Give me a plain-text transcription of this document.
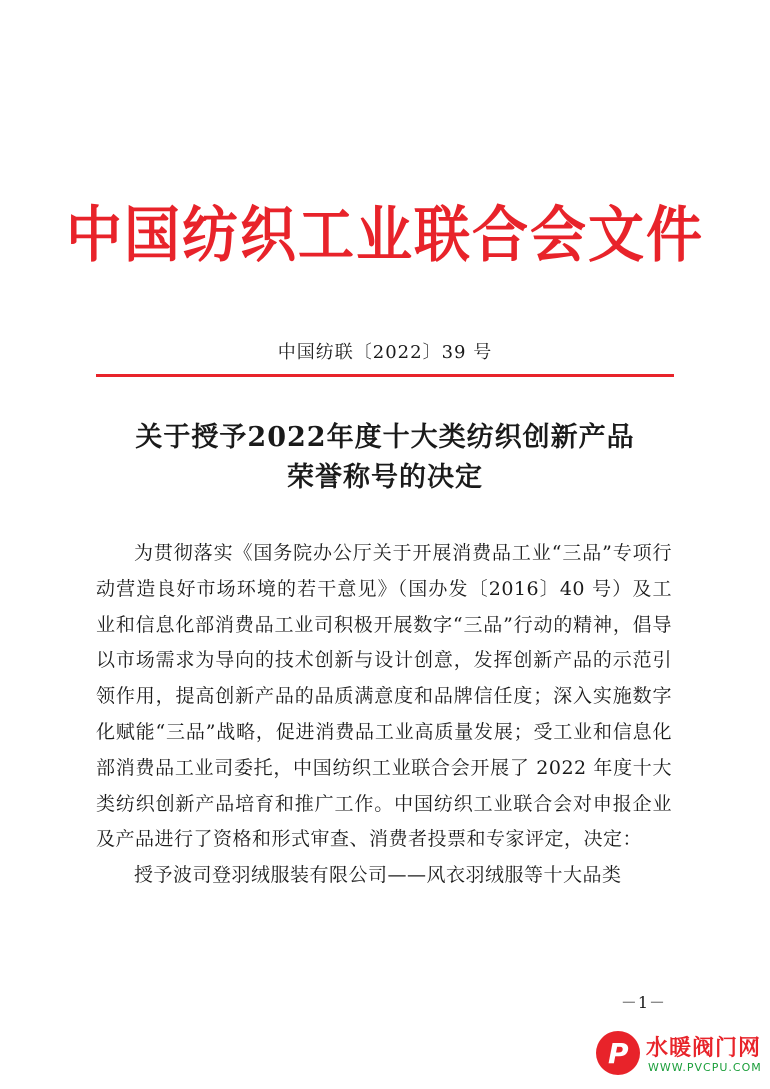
中国纺织工业联合会文件
中国纺联〔2022〕39 号
关于授予2022年度十大类纺织创新产品
荣誉称号的决定

为贯彻落实《国务院办公厅关于开展消费品工业“三品”专项行动营造良好市场环境的若干意见》（国办发〔2016〕40 号）及工业和信息化部消费品工业司积极开展数字“三品”行动的精神，倡导以市场需求为导向的技术创新与设计创意，发挥创新产品的示范引领作用，提高创新产品的品质满意度和品牌信任度；深入实施数字化赋能“三品”战略，促进消费品工业高质量发展；受工业和信息化部消费品工业司委托，中国纺织工业联合会开展了 2022 年度十大类纺织创新产品培育和推广工作。中国纺织工业联合会对申报企业及产品进行了资格和形式审查、消费者投票和专家评定，决定：

授予波司登羽绒服装有限公司——风衣羽绒服等十大品类

－1－
P 水暖阀门网
WWW.PVCPU.COM
